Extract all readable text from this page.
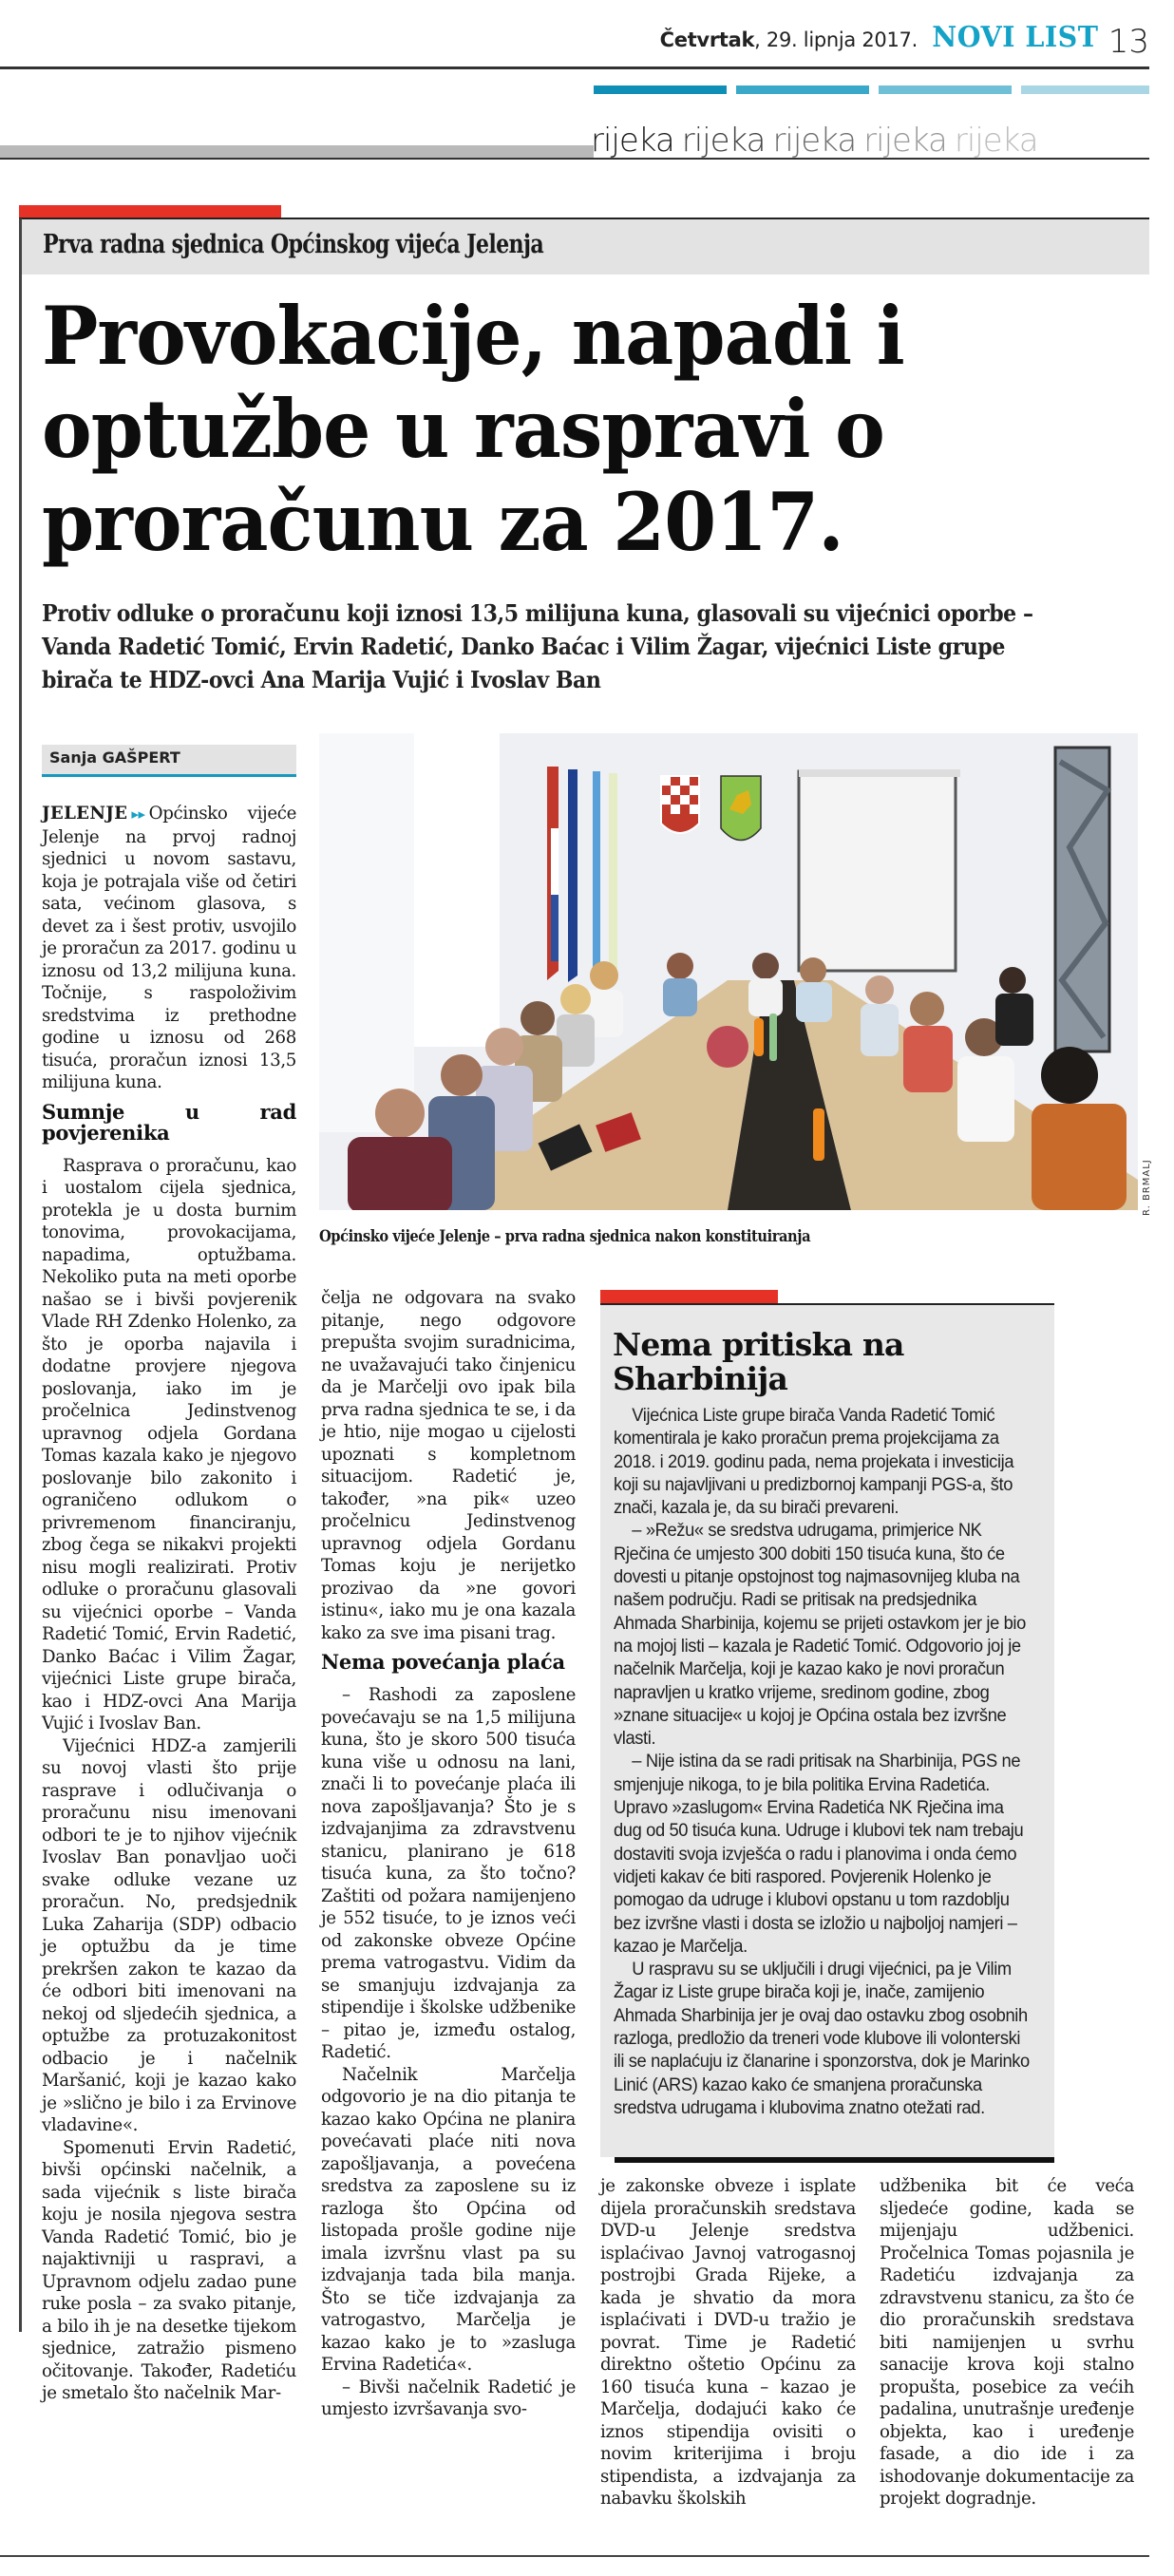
Četvrtak, 29. lipnja 2017. NOVI LIST 13
rijeka rijeka rijeka rijeka rijeka
Prva radna sjednica Općinskog vijeća Jelenja
Provokacije, napadi i optužbe u raspravi o proračunu za 2017.
Protiv odluke o proračunu koji iznosi 13,5 milijuna kuna, glasovali su vijećnici oporbe – Vanda Radetić Tomić, Ervin Radetić, Danko Baćac i Vilim Žagar, vijećnici Liste grupe birača te HDZ-ovci Ana Marija Vujić i Ivoslav Ban
Sanja GAŠPERT
R. BRMALJ
Općinsko vijeće Jelenje – prva radna sjednica nakon konstituiranja

JELENJE ▸▸ Općinsko vijeće Jelenje na prvoj radnoj sjednici u novom sastavu, koja je potrajala više od četiri sata, većinom glasova, s devet za i šest protiv, usvojilo je proračun za 2017. godinu u iznosu od 13,2 milijuna kuna. Točnije, s raspoloživim sredstvima iz prethodne godine u iznosu od 268 tisuća, proračun iznosi 13,5 milijuna kuna.

Sumnje u rad povjerenika

Rasprava o proračunu, kao i uostalom cijela sjednica, protekla je u dosta burnim tonovima, provokacijama, napadima, optužbama. Nekoliko puta na meti oporbe našao se i bivši povjerenik Vlade RH Zdenko Holenko, za što je oporba najavila i dodatne provjere njegova poslovanja, iako im je pročelnica Jedinstvenog upravnog odjela Gordana Tomas kazala kako je njegovo poslovanje bilo zakonito i ograničeno odlukom o privremenom financiranju, zbog čega se nikakvi projekti nisu mogli realizirati. Protiv odluke o proračunu glasovali su vijećnici oporbe – Vanda Radetić Tomić, Ervin Radetić, Danko Baćac i Vilim Žagar, vijećnici Liste grupe birača, kao i HDZ-ovci Ana Marija Vujić i Ivoslav Ban.

Vijećnici HDZ-a zamjerili su novoj vlasti što prije rasprave i odlučivanja o proračunu nisu imenovani odbori te je to njihov vijećnik Ivoslav Ban ponavljao uoči svake odluke vezane uz proračun. No, predsjednik Luka Zaharija (SDP) odbacio je optužbu da je time prekršen zakon te kazao da će odbori biti imenovani na nekoj od sljedećih sjednica, a optužbe za protuzakonitost odbacio je i načelnik Maršanić, koji je kazao kako je »slično je bilo i za Ervinove vladavine«.

Spomenuti Ervin Radetić, bivši općinski načelnik, a sada vijećnik s liste birača koju je nosila njegova sestra Vanda Radetić Tomić, bio je najaktivniji u raspravi, a Upravnom odjelu zadao pune ruke posla – za svako pitanje, a bilo ih je na desetke tijekom sjednice, zatražio pismeno očitovanje. Također, Radetiću je smetalo što načelnik Mar-

čelja ne odgovara na svako pitanje, nego odgovore prepušta svojim suradnicima, ne uvažavajući tako činjenicu da je Marčelji ovo ipak bila prva radna sjednica te se, i da je htio, nije mogao u cijelosti upoznati s kompletnom situacijom. Radetić je, također, »na pik« uzeo pročelnicu Jedinstvenog upravnog odjela Gordanu Tomas koju je nerijetko prozivao da »ne govori istinu«, iako mu je ona kazala kako za sve ima pisani trag.

Nema povećanja plaća

– Rashodi za zaposlene povećavaju se na 1,5 milijuna kuna, što je skoro 500 tisuća kuna više u odnosu na lani, znači li to povećanje plaća ili nova zapošljavanja? Što je s izdvajanjima za zdravstvenu stanicu, planirano je 618 tisuća kuna, za što točno? Zaštiti od požara namijenjeno je 552 tisuće, to je iznos veći od zakonske obveze Općine prema vatrogastvu. Vidim da se smanjuju izdvajanja za stipendije i školske udžbenike – pitao je, između ostalog, Radetić.

Načelnik Marčelja odgovorio je na dio pitanja te kazao kako Općina ne planira povećavati plaće niti nova zapošljavanja, a povećena sredstva za zaposlene su iz razloga što Općina od listopada prošle godine nije imala izvršnu vlast pa su izdvajanja tada bila manja. Što se tiče izdvajanja za vatrogastvo, Marčelja je kazao kako je to »zasluga Ervina Radetića«.

– Bivši načelnik Radetić je umjesto izvršavanja svo-

Nema pritiska na Sharbinija

Vijećnica Liste grupe birača Vanda Radetić Tomić komentirala je kako proračun prema projekcijama za 2018. i 2019. godinu pada, nema projekata i investicija koji su najavljivani u predizbornoj kampanji PGS-a, što znači, kazala je, da su birači prevareni.

– »Režu« se sredstva udrugama, primjerice NK Rječina će umjesto 300 dobiti 150 tisuća kuna, što će dovesti u pitanje opstojnost tog najmasovnijeg kluba na našem području. Radi se pritisak na predsjednika Ahmada Sharbinija, kojemu se prijeti ostavkom jer je bio na mojoj listi – kazala je Radetić Tomić. Odgovorio joj je načelnik Marčelja, koji je kazao kako je novi proračun napravljen u kratko vrijeme, sredinom godine, zbog »znane situacije« u kojoj je Općina ostala bez izvršne vlasti.

– Nije istina da se radi pritisak na Sharbinija, PGS ne smjenjuje nikoga, to je bila politika Ervina Radetića. Upravo »zaslugom« Ervina Radetića NK Rječina ima dug od 50 tisuća kuna. Udruge i klubovi tek nam trebaju dostaviti svoja izvješća o radu i planovima i onda ćemo vidjeti kakav će biti raspored. Povjerenik Holenko je pomogao da udruge i klubovi opstanu u tom razdoblju bez izvršne vlasti i dosta se izložio u najboljoj namjeri – kazao je Marčelja.

U raspravu su se uključili i drugi vijećnici, pa je Vilim Žagar iz Liste grupe birača koji je, inače, zamijenio Ahmada Sharbinija jer je ovaj dao ostavku zbog osobnih razloga, predložio da treneri vode klubove ili volonterski ili se naplaćuju iz članarine i sponzorstva, dok je Marinko Linić (ARS) kazao kako će smanjena proračunska sredstva udrugama i klubovima znatno otežati rad.

je zakonske obveze i isplate dijela proračunskih sredstava DVD-u Jelenje sredstva isplaćivao Javnoj vatrogasnoj postrojbi Grada Rijeke, a kada je shvatio da mora isplaćivati i DVD-u tražio je povrat. Time je Radetić direktno oštetio Općinu za 160 tisuća kuna – kazao je Marčelja, dodajući kako će iznos stipendija ovisiti o novim kriterijima i broju stipendista, a izdvajanja za nabavku školskih

udžbenika bit će veća sljedeće godine, kada se mijenjaju udžbenici. Pročelnica Tomas pojasnila je Radetiću izdvajanja za zdravstvenu stanicu, za što će dio proračunskih sredstava biti namijenjen u svrhu sanacije krova koji stalno propušta, posebice za većih padalina, unutrašnje uređenje objekta, kao i uređenje fasade, a dio ide i za ishodovanje dokumentacije za projekt dogradnje.
